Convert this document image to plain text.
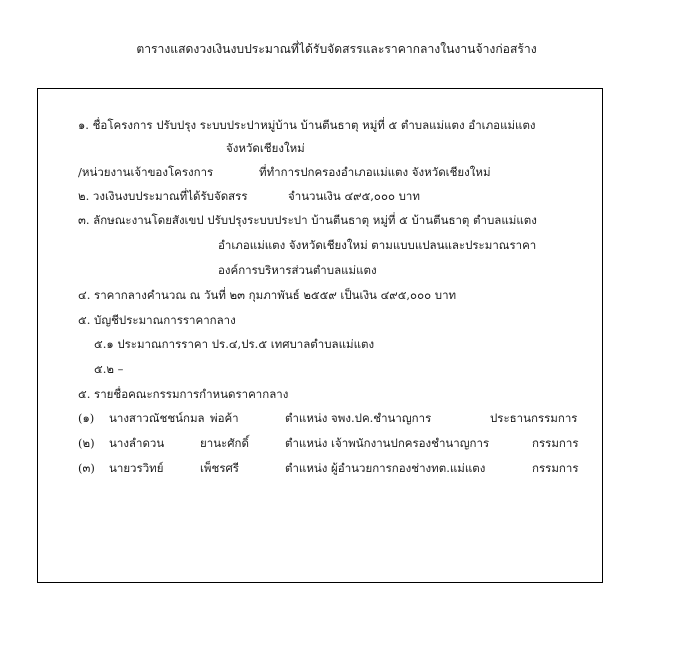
ตารางแสดงวงเงินงบประมาณที่ได้รับจัดสรรและราคากลางในงานจ้างก่อสร้าง
๑. ชื่อโครงการ ปรับปรุง ระบบประปาหมู่บ้าน บ้านตีนธาตุ หมู่ที่ ๕ ตำบลแม่แตง อำเภอแม่แตง
จังหวัดเชียงใหม่
/หน่วยงานเจ้าของโครงการ	ที่ทำการปกครองอำเภอแม่แตง จังหวัดเชียงใหม่
๒. วงเงินงบประมาณที่ได้รับจัดสรร	จำนวนเงิน ๔๙๕,๐๐๐ บาท
๓. ลักษณะงานโดยสังเขป ปรับปรุงระบบประปา บ้านตีนธาตุ หมู่ที่ ๕ บ้านตีนธาตุ ตำบลแม่แตง
อำเภอแม่แตง จังหวัดเชียงใหม่ ตามแบบแปลนและประมาณราคา
องค์การบริหารส่วนตำบลแม่แตง
๔. ราคากลางคำนวณ ณ วันที่ ๒๓ กุมภาพันธ์ ๒๕๕๙ เป็นเงิน ๔๙๕,๐๐๐ บาท
๕. บัญชีประมาณการราคากลาง
๕.๑ ประมาณการราคา ปร.๔,ปร.๕ เทศบาลตำบลแม่แตง
๕.๒ –
๕. รายชื่อคณะกรรมการกำหนดราคากลาง
(๑) นางสาวณัชชน์กมล พ่อค้า	ตำแหน่ง จพง.ปค.ชำนาญการ	ประธานกรรมการ
(๒) นางลำดวน	ยานะศักดิ์	ตำแหน่ง เจ้าพนักงานปกครองชำนาญการ	กรรมการ
(๓) นายวรวิทย์	เพ็ชรศรี	ตำแหน่ง ผู้อำนวยการกองช่างทต.แม่แตง	กรรมการ
